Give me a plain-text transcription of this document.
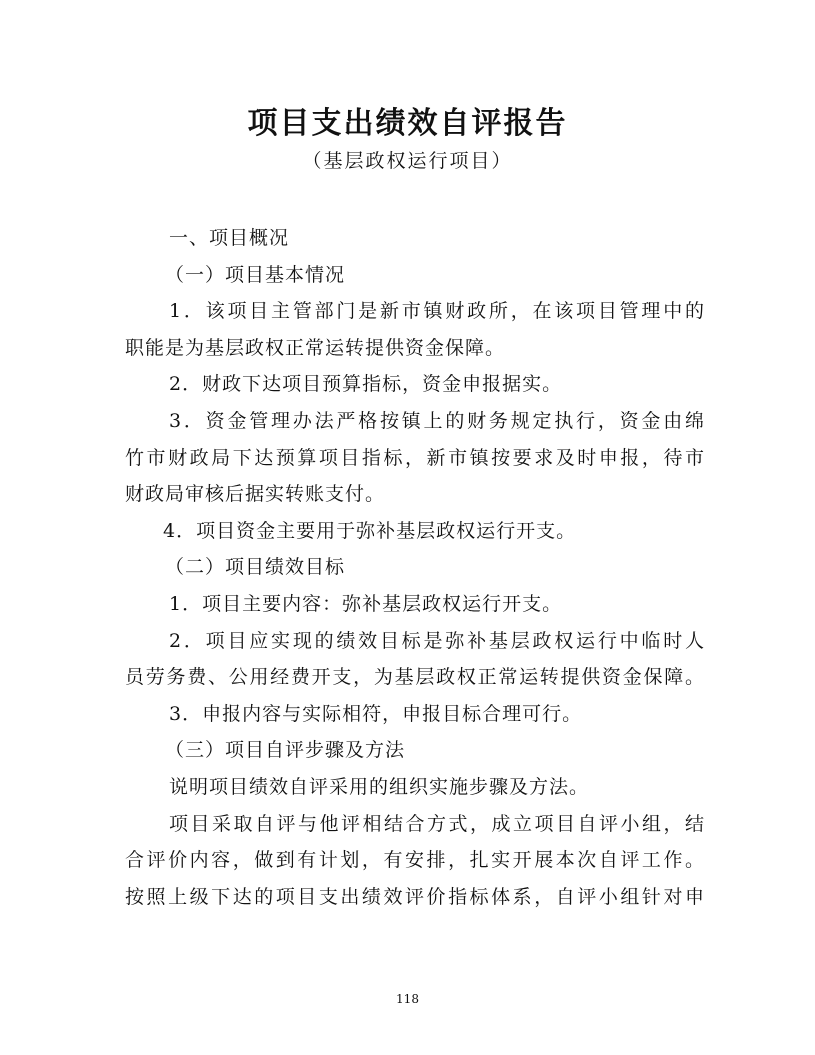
项目支出绩效自评报告
（基层政权运行项目）
一、项目概况
（一）项目基本情况
1．该项目主管部门是新市镇财政所，在该项目管理中的
职能是为基层政权正常运转提供资金保障。
2．财政下达项目预算指标，资金申报据实。
3．资金管理办法严格按镇上的财务规定执行，资金由绵
竹市财政局下达预算项目指标，新市镇按要求及时申报，待市
财政局审核后据实转账支付。
4．项目资金主要用于弥补基层政权运行开支。
（二）项目绩效目标
1．项目主要内容：弥补基层政权运行开支。
2．项目应实现的绩效目标是弥补基层政权运行中临时人
员劳务费、公用经费开支，为基层政权正常运转提供资金保障。
3．申报内容与实际相符，申报目标合理可行。
（三）项目自评步骤及方法
说明项目绩效自评采用的组织实施步骤及方法。
项目采取自评与他评相结合方式，成立项目自评小组，结
合评价内容，做到有计划，有安排，扎实开展本次自评工作。
按照上级下达的项目支出绩效评价指标体系，自评小组针对申
118
